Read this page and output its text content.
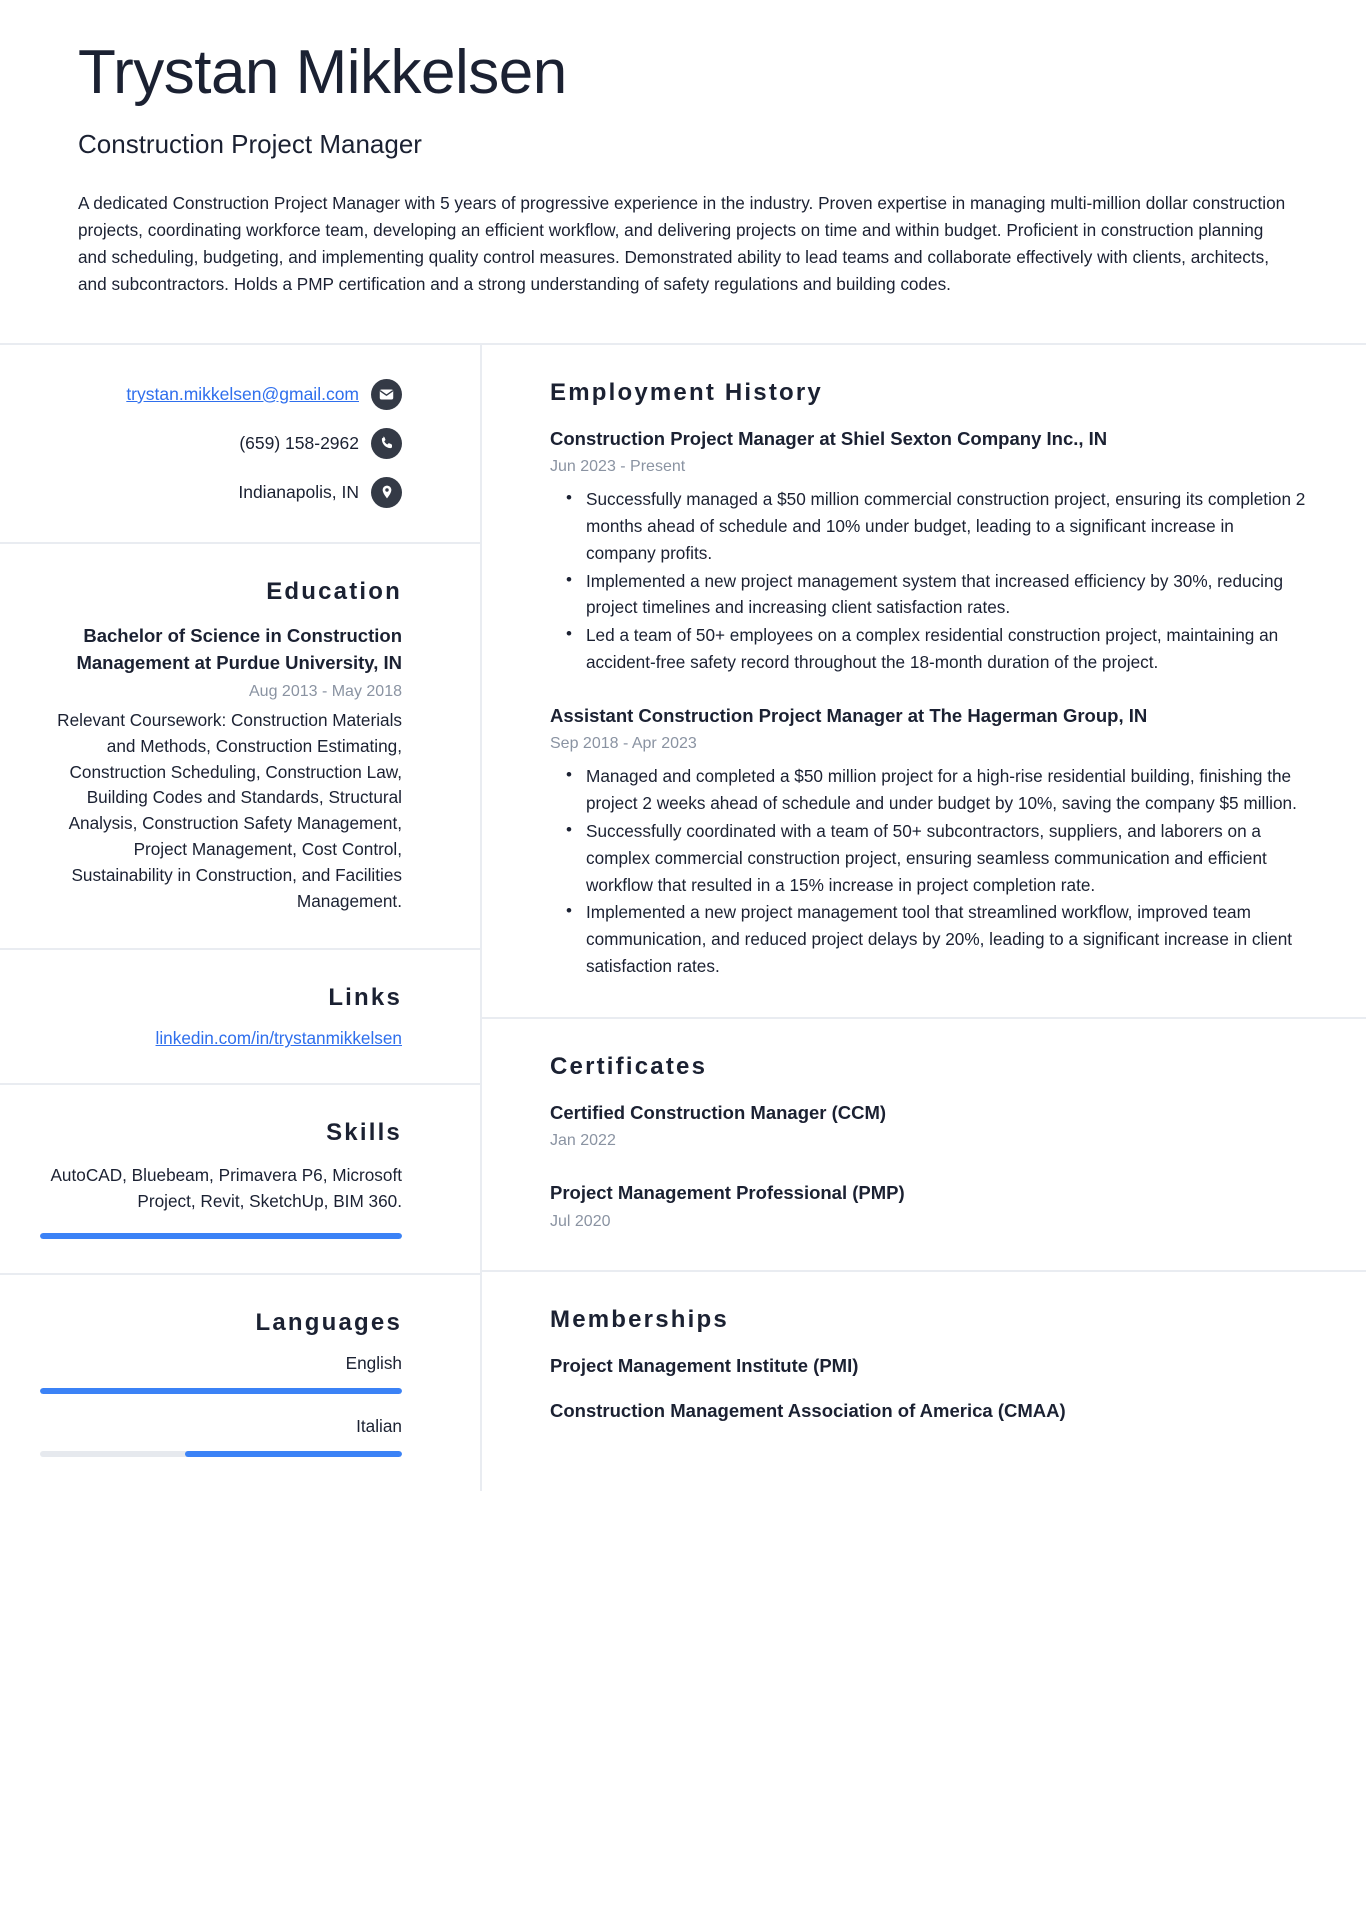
Trystan Mikkelsen
Construction Project Manager

A dedicated Construction Project Manager with 5 years of progressive experience in the industry. Proven expertise in managing multi-million dollar construction projects, coordinating workforce team, developing an efficient workflow, and delivering projects on time and within budget. Proficient in construction planning and scheduling, budgeting, and implementing quality control measures. Demonstrated ability to lead teams and collaborate effectively with clients, architects, and subcontractors. Holds a PMP certification and a strong understanding of safety regulations and building codes.

trystan.mikkelsen@gmail.com
(659) 158-2962
Indianapolis, IN
Education
Bachelor of Science in Construction Management at Purdue University, IN
Aug 2013 - May 2018
Relevant Coursework: Construction Materials and Methods, Construction Estimating, Construction Scheduling, Construction Law, Building Codes and Standards, Structural Analysis, Construction Safety Management, Project Management, Cost Control, Sustainability in Construction, and Facilities Management.
Links
linkedin.com/in/trystanmikkelsen
Skills
AutoCAD, Bluebeam, Primavera P6, Microsoft Project, Revit, SketchUp, BIM 360.
Languages
English
Italian
Employment History
Construction Project Manager at Shiel Sexton Company Inc., IN
Jun 2023 - Present
• Successfully managed a $50 million commercial construction project, ensuring its completion 2 months ahead of schedule and 10% under budget, leading to a significant increase in company profits.
• Implemented a new project management system that increased efficiency by 30%, reducing project timelines and increasing client satisfaction rates.
• Led a team of 50+ employees on a complex residential construction project, maintaining an accident-free safety record throughout the 18-month duration of the project.
Assistant Construction Project Manager at The Hagerman Group, IN
Sep 2018 - Apr 2023
• Managed and completed a $50 million project for a high-rise residential building, finishing the project 2 weeks ahead of schedule and under budget by 10%, saving the company $5 million.
• Successfully coordinated with a team of 50+ subcontractors, suppliers, and laborers on a complex commercial construction project, ensuring seamless communication and efficient workflow that resulted in a 15% increase in project completion rate.
• Implemented a new project management tool that streamlined workflow, improved team communication, and reduced project delays by 20%, leading to a significant increase in client satisfaction rates.
Certificates
Certified Construction Manager (CCM)
Jan 2022
Project Management Professional (PMP)
Jul 2020
Memberships
Project Management Institute (PMI)
Construction Management Association of America (CMAA)
